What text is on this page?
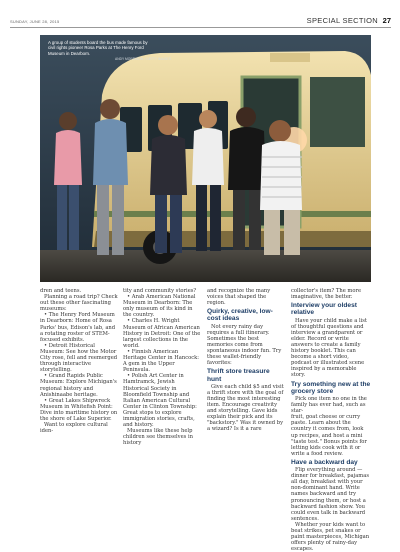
SUNDAY, JUNE 28, 2015	SPECIAL SECTION 27
A group of students board the bus made famous by civil rights pioneer Rosa Parks at The Henry Ford Museum in Dearborn.
ANDY MORRISON • GETTY IMAGES

dren and teens.

Planning a road trip? Check out these other fascinating museums:

• The Henry Ford Museum in Dearborn: Home of Rosa Parks' bus, Edison's lab, and a rotating roster of STEM-focused exhibits.

• Detroit Historical Museum: See how the Motor City rose, fell and reemerged through interactive storytelling.

• Grand Rapids Public Museum: Explore Michigan's regional history and Anishinaabe heritage.

• Great Lakes Shipwreck Museum in Whitefish Point: Dive into maritime history on the shore of Lake Superior.

Want to explore cultural iden-

tity and community stories?

• Arab American National Museum in Dearborn: The only museum of its kind in the country.

• Charles H. Wright Museum of African American History in Detroit: One of the largest collections in the world.

• Finnish American Heritage Center in Hancock: A gem in the Upper Peninsula.

• Polish Art Center in Hamtramck, Jewish Historical Society in Bloomfield Township and Italian American Cultural Center in Clinton Township: Great stops to explore immigration stories, crafts, and history.

Museums like these help children see themselves in history

and recognize the many voices that shaped the region.

Quirky, creative, low-cost ideas

Not every rainy day requires a full itinerary. Sometimes the best memories come from spontaneous indoor fun. Try these wallet-friendly favorites:

Thrift store treasure hunt

Give each child $5 and visit a thrift store with the goal of finding the most interesting item. Encourage creativity and storytelling. Gave kids explain their pick and its "backstory." Was it owned by a wizard? Is it a rare

collector's item? The more imaginative, the better.

Interview your oldest relative

Have your child make a list of thoughtful questions and interview a grandparent or elder. Record or write answers to create a family history booklet. This can become a short video, podcast or illustrated scene inspired by a memorable story.

Try something new at the grocery store

Pick one item no one in the family has ever had, such as star-

fruit, goat cheese or curry paste. Learn about the country it comes from, look up recipes, and host a mini "taste test." Bonus points for letting kids cook with it or write a food review.

Have a backward day

Flip everything around — dinner for breakfast, pajamas all day, breakfast with your non-dominant hand. Write names backward and try pronouncing them, or host a backward fashion show. You could even talk in backward sentences.

Whether your kids want to beat strikes, pet snakes or paint masterpieces, Michigan offers plenty of rainy-day escapes.
